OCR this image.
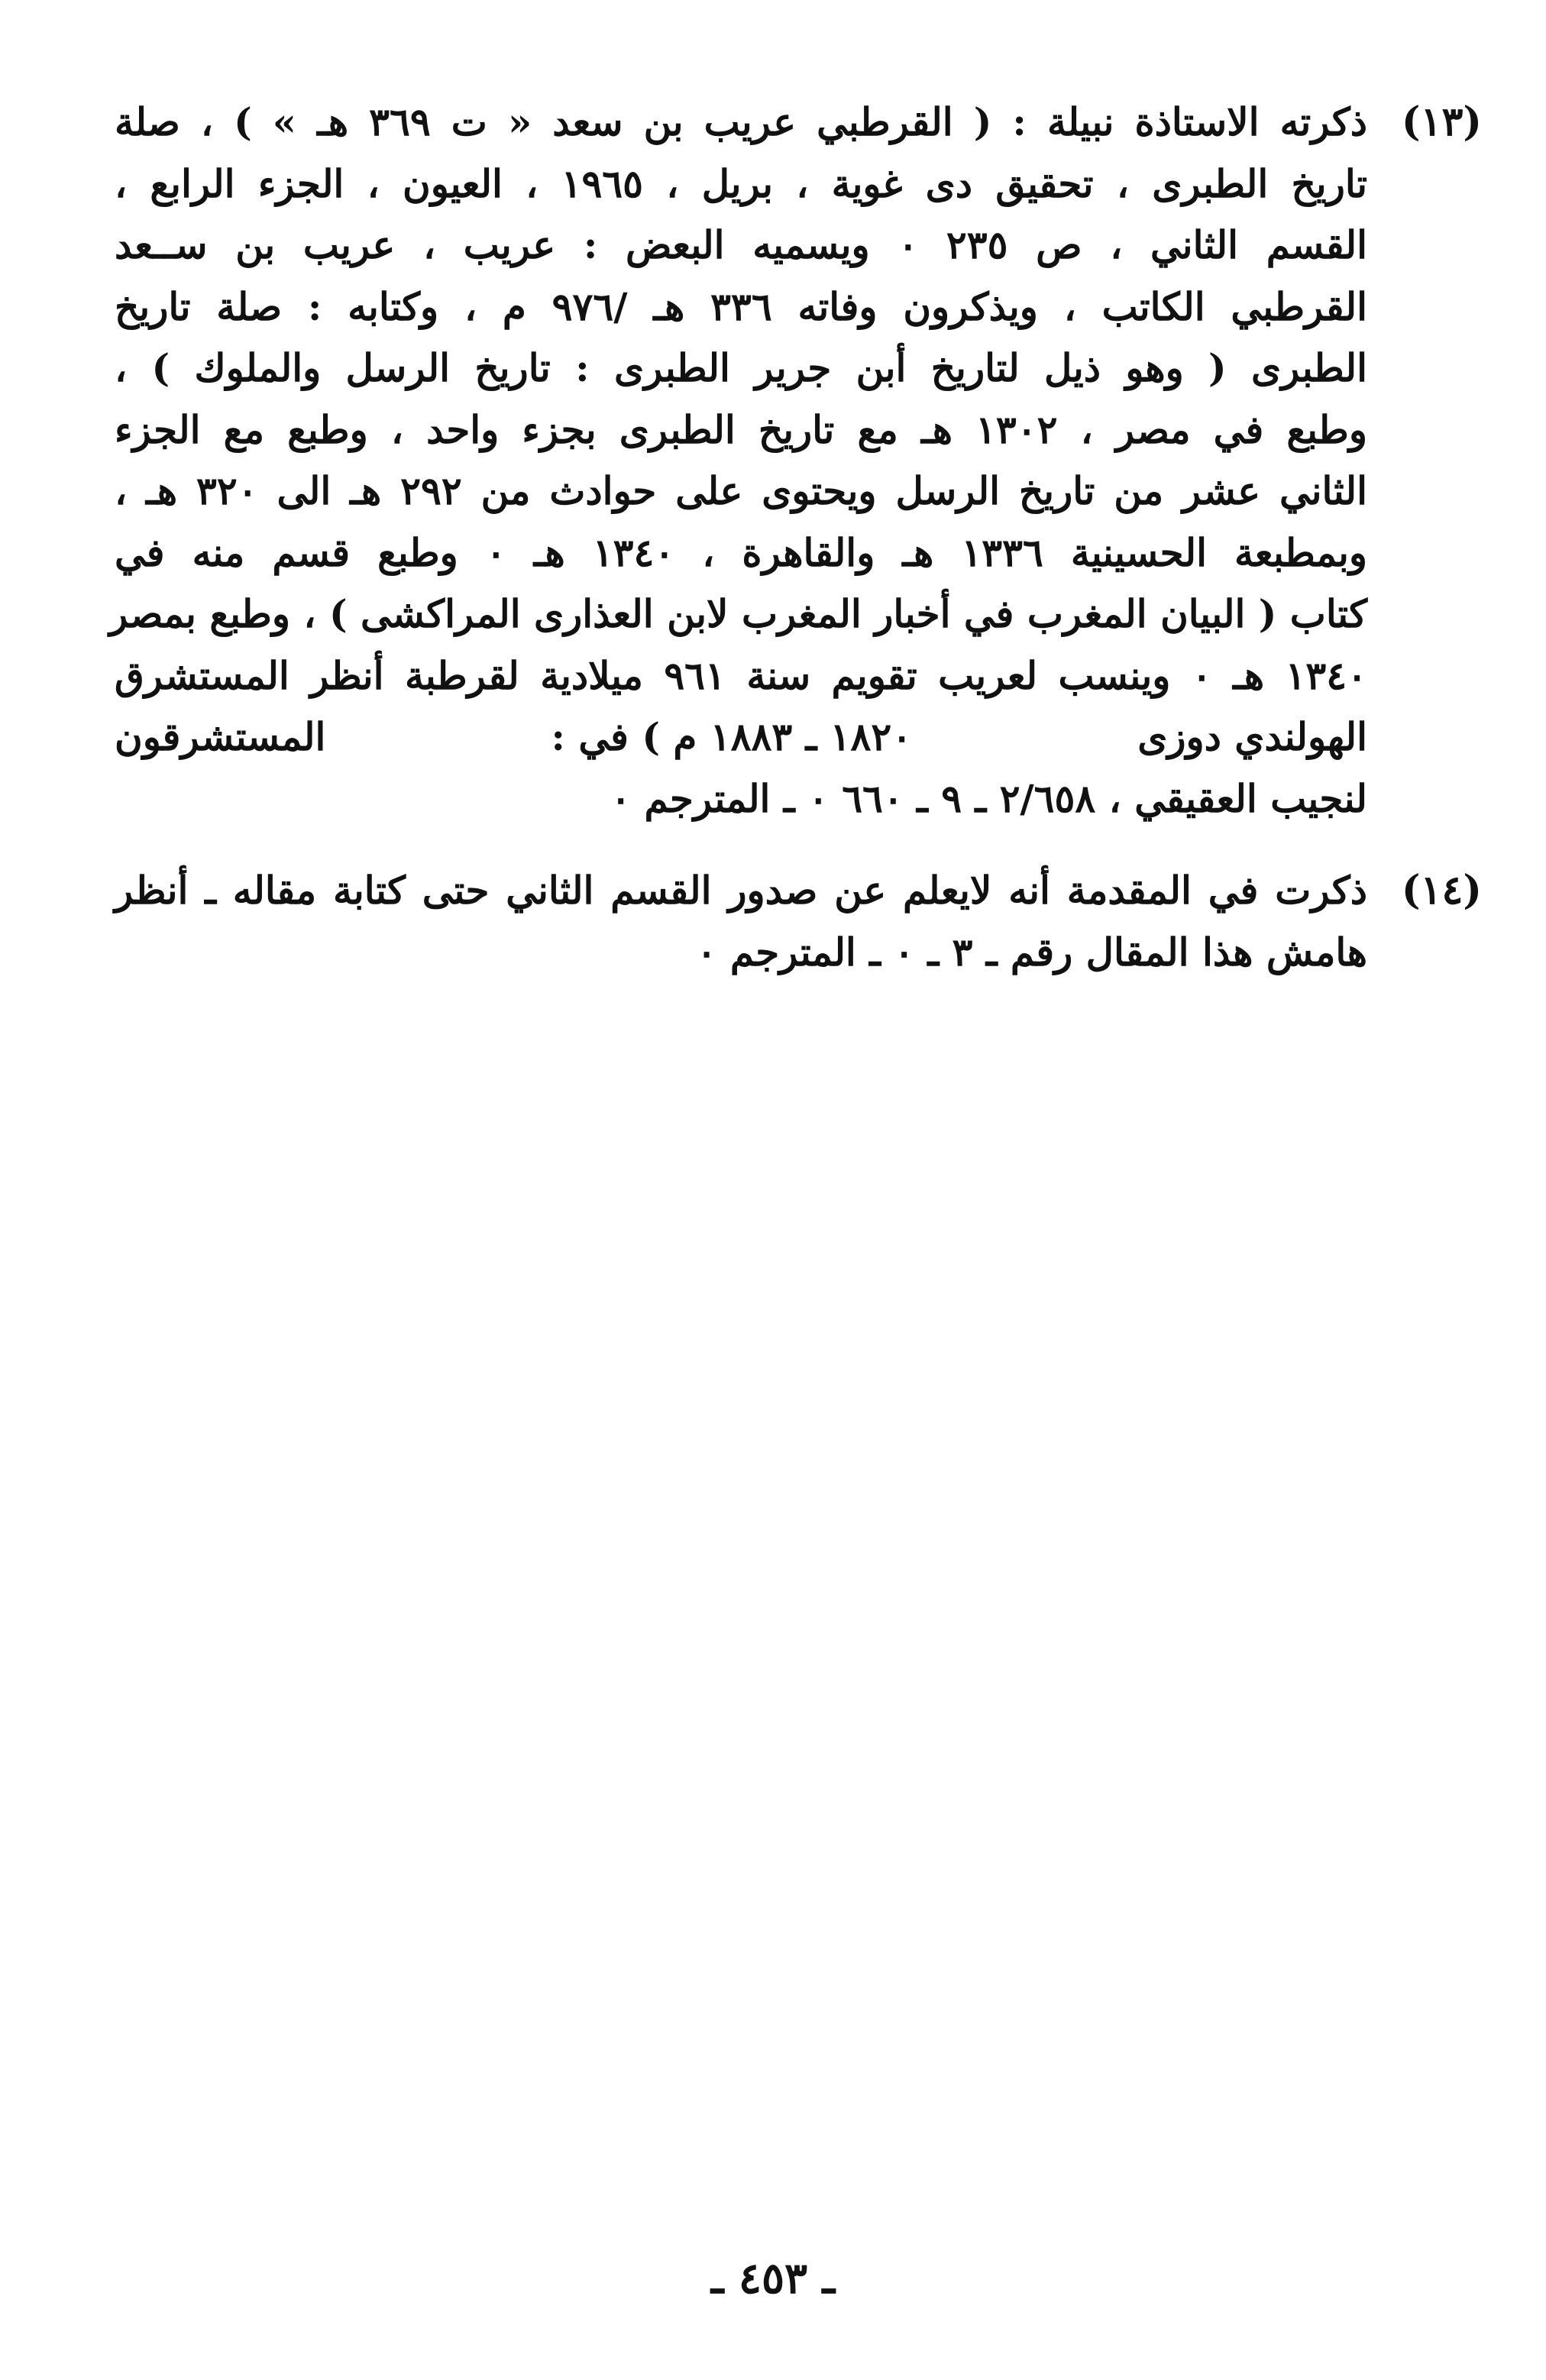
(١٣)
ذكرته الاستاذة نبيلة : ( القرطبي عريب بن سعد « ت ٣٦٩ هـ » ) ، صلة
تاريخ الطبرى ، تحقيق دى غوية ، بريل ، ١٩٦٥ ، العيون ، الجزء الرابع ،
القسم الثاني ، ص ٢٣٥ ٠ ويسميه البعض : عريب ، عريب بن ســعد
القرطبي الكاتب ، ويذكرون وفاته ٣٣٦ هـ /٩٧٦ م ، وكتابه : صلة تاريخ
الطبرى ( وهو ذيل لتاريخ أبن جرير الطبرى : تاريخ الرسل والملوك ) ،
وطبع في مصر ، ١٣٠٢ هـ مع تاريخ الطبرى بجزء واحد ، وطبع مع الجزء
الثاني عشر من تاريخ الرسل ويحتوى على حوادث من ٢٩٢ هـ الى ٣٢٠ هـ ،
وبمطبعة الحسينية ١٣٣٦ هـ والقاهرة ، ١٣٤٠ هـ ٠ وطبع قسم منه في
كتاب ( البيان المغرب في أخبار المغرب لابن العذارى المراكشى ) ، وطبع بمصر
١٣٤٠ هـ ٠ وينسب لعريب تقويم سنة ٩٦١ ميلادية لقرطبة أنظر المستشرق
الهولندي دوزى
١٨٢٠ ـ ١٨٨٣ م ) في :
المستشرقون
لنجيب العقيقي ، ٢/٦٥٨ ـ ٩ ـ ٦٦٠ ٠ ـ المترجم ٠
(١٤)
ذكرت في المقدمة أنه لايعلم عن صدور القسم الثاني حتى كتابة مقاله ـ أنظر
هامش هذا المقال رقم ـ ٣ ـ ٠ ـ المترجم ٠
ـ ٤٥٣ ـ
